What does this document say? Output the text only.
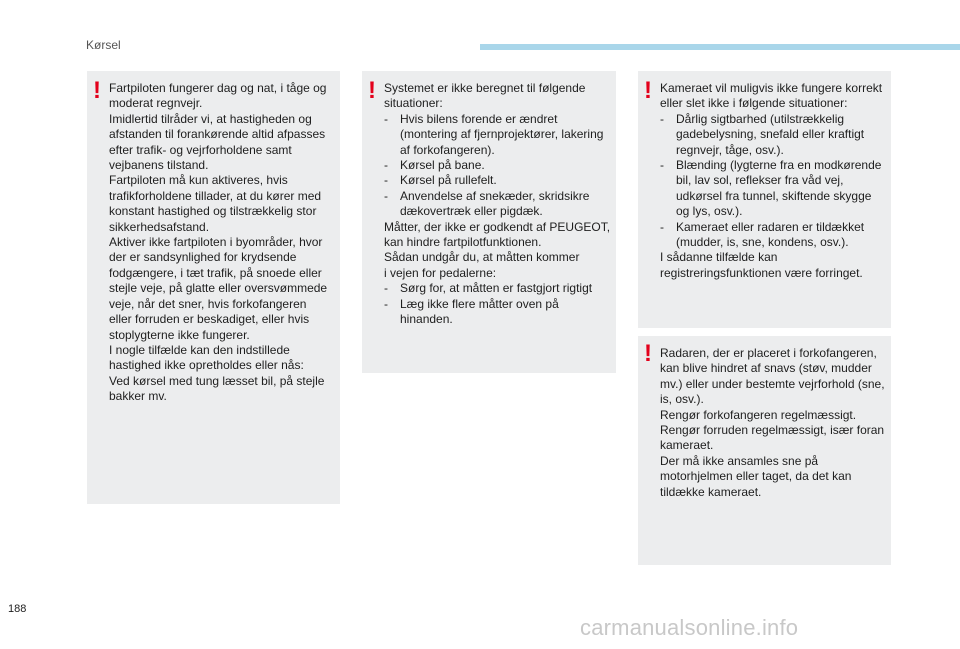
Kørsel
! Fartpiloten fungerer dag og nat, i tåge og
moderat regnvejr.
Imidlertid tilråder vi, at hastigheden og
afstanden til forankørende altid afpasses
efter trafik- og vejrforholdene samt
vejbanens tilstand.
Fartpiloten må kun aktiveres, hvis
trafikforholdene tillader, at du kører med
konstant hastighed og tilstrækkelig stor
sikkerhedsafstand.
Aktiver ikke fartpiloten i byområder, hvor
der er sandsynlighed for krydsende
fodgængere, i tæt trafik, på snoede eller
stejle veje, på glatte eller oversvømmede
veje, når det sner, hvis forkofangeren
eller forruden er beskadiget, eller hvis
stoplygterne ikke fungerer.
I nogle tilfælde kan den indstillede
hastighed ikke opretholdes eller nås:
Ved kørsel med tung læsset bil, på stejle
bakker mv.
! Systemet er ikke beregnet til følgende
situationer:
- Hvis bilens forende er ændret
(montering af fjernprojektører, lakering
af forkofangeren).
- Kørsel på bane.
- Kørsel på rullefelt.
- Anvendelse af snekæder, skridsikre
dækovertræk eller pigdæk.
Måtter, der ikke er godkendt af PEUGEOT,
kan hindre fartpilotfunktionen.
Sådan undgår du, at måtten kommer
i vejen for pedalerne:
- Sørg for, at måtten er fastgjort rigtigt
- Læg ikke flere måtter oven på
hinanden.
! Kameraet vil muligvis ikke fungere korrekt
eller slet ikke i følgende situationer:
- Dårlig sigtbarhed (utilstrækkelig
gadebelysning, snefald eller kraftigt
regnvejr, tåge, osv.).
- Blænding (lygterne fra en modkørende
bil, lav sol, reflekser fra våd vej,
udkørsel fra tunnel, skiftende skygge
og lys, osv.).
- Kameraet eller radaren er tildækket
(mudder, is, sne, kondens, osv.).
I sådanne tilfælde kan
registreringsfunktionen være forringet.
! Radaren, der er placeret i forkofangeren,
kan blive hindret af snavs (støv, mudder
mv.) eller under bestemte vejrforhold (sne,
is, osv.).
Rengør forkofangeren regelmæssigt.
Rengør forruden regelmæssigt, især foran
kameraet.
Der må ikke ansamles sne på
motorhjelmen eller taget, da det kan
tildække kameraet.
188
carmanualsonline.info
